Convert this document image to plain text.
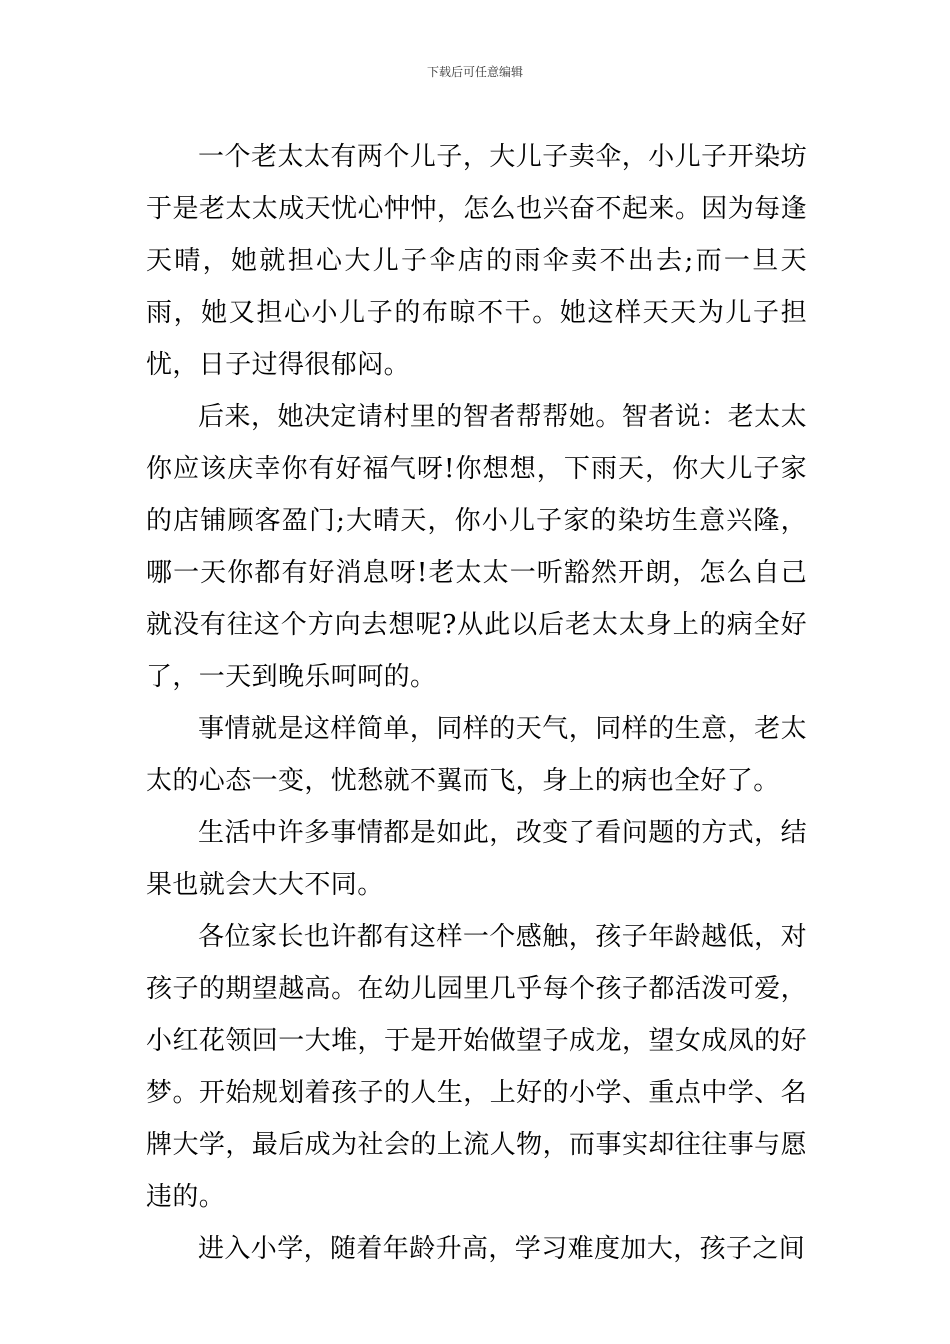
下载后可任意编辑

一个老太太有两个儿子，大儿子卖伞，小儿子开染坊于是老太太成天忧心忡忡，怎么也兴奋不起来。因为每逢天晴，她就担心大儿子伞店的雨伞卖不出去;而一旦天雨，她又担心小儿子的布晾不干。她这样天天为儿子担忧，日子过得很郁闷。

后来，她决定请村里的智者帮帮她。智者说：老太太你应该庆幸你有好福气呀!你想想，下雨天，你大儿子家的店铺顾客盈门;大晴天，你小儿子家的染坊生意兴隆，哪一天你都有好消息呀!老太太一听豁然开朗，怎么自己就没有往这个方向去想呢?从此以后老太太身上的病全好了，一天到晚乐呵呵的。

事情就是这样简单，同样的天气，同样的生意，老太太的心态一变，忧愁就不翼而飞，身上的病也全好了。

生活中许多事情都是如此，改变了看问题的方式，结果也就会大大不同。

各位家长也许都有这样一个感触，孩子年龄越低，对孩子的期望越高。在幼儿园里几乎每个孩子都活泼可爱，小红花领回一大堆，于是开始做望子成龙，望女成凤的好梦。开始规划着孩子的人生，上好的小学、重点中学、名牌大学，最后成为社会的上流人物，而事实却往往事与愿违的。

进入小学，随着年龄升高，学习难度加大，孩子之间
